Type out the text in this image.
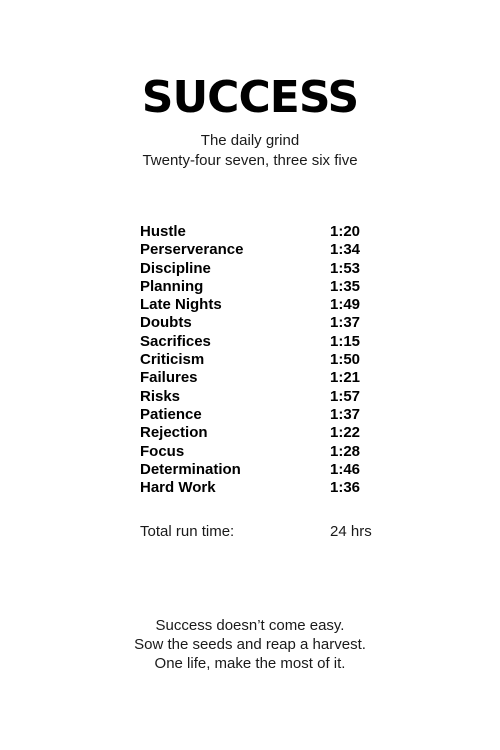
SUCCESS
The daily grind
Twenty-four seven, three six five
Hustle	1:20
Perserverance	1:34
Discipline	1:53
Planning	1:35
Late Nights	1:49
Doubts	1:37
Sacrifices	1:15
Criticism	1:50
Failures	1:21
Risks	1:57
Patience	1:37
Rejection	1:22
Focus	1:28
Determination	1:46
Hard Work	1:36
Total run time:	24 hrs
Success doesn’t come easy.
Sow the seeds and reap a harvest.
One life, make the most of it.
